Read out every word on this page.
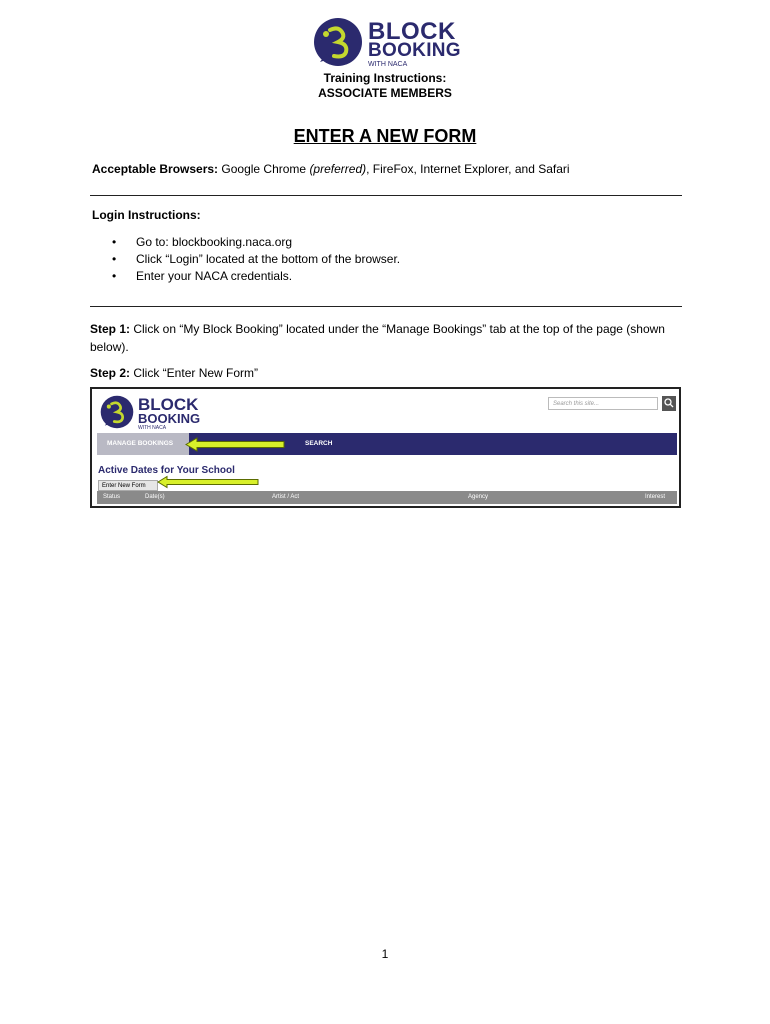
BLOCK
BOOKING
WITH NACA
Training Instructions:
ASSOCIATE MEMBERS
ENTER A NEW FORM
Acceptable Browsers: Google Chrome (preferred), FireFox, Internet Explorer, and Safari
Login Instructions:
• Go to: blockbooking.naca.org
• Click “Login” located at the bottom of the browser.
• Enter your NACA credentials.
Step 1: Click on “My Block Booking” located under the “Manage Bookings” tab at the top of the page (shown below).
Step 2: Click “Enter New Form”
BLOCK
BOOKING
WITH NACA
Search this site...
MANAGE BOOKINGS	SEARCH
Active Dates for Your School
Enter New Form
Status	Date(s)	Artist / Act	Agency	Interest
1
